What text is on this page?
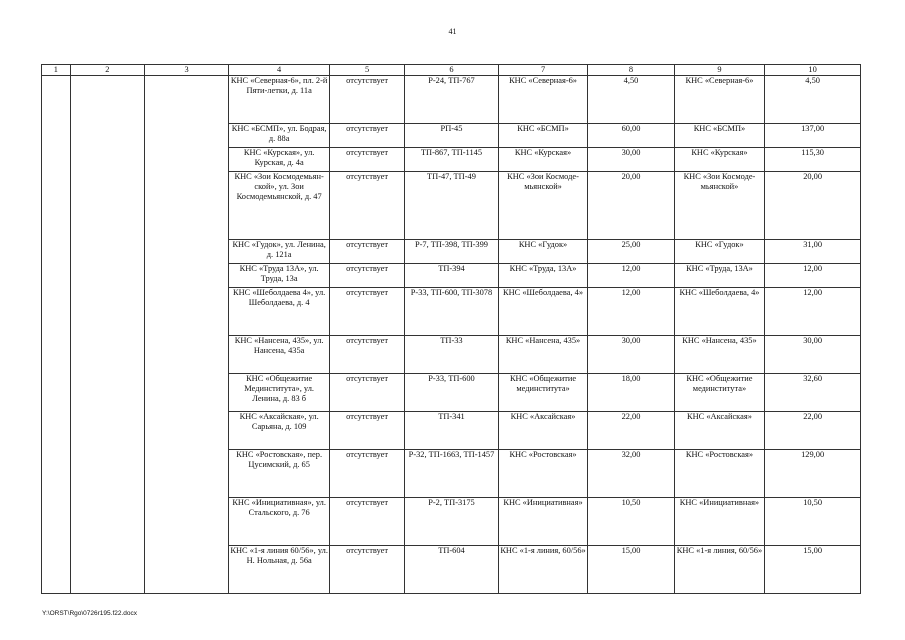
41
1	2	3	4	5	6	7	8	9	10
			КНС «Северная-6», пл. 2-й Пяти-летки, д. 11а	отсутствует	Р-24, ТП-767	КНС «Северная-6»	4,50	КНС «Северная-6»	4,50
			КНС «БСМП», ул. Бодрая, д. 88а	отсутствует	РП-45	КНС «БСМП»	60,00	КНС «БСМП»	137,00
			КНС «Курская», ул. Курская, д. 4а	отсутствует	ТП-867, ТП-1145	КНС «Курская»	30,00	КНС «Курская»	115,30
			КНС «Зои Космодемьян-ской», ул. Зои Космодемьянской, д. 47	отсутствует	ТП-47, ТП-49	КНС «Зои Космоде-мьянской»	20,00	КНС «Зои Космоде-мьянской»	20,00
			КНС «Гудок», ул. Ленина, д. 121а	отсутствует	Р-7, ТП-398, ТП-399	КНС «Гудок»	25,00	КНС «Гудок»	31,00
			КНС «Труда 13А», ул. Труда, 13а	отсутствует	ТП-394	КНС «Труда, 13А»	12,00	КНС «Труда, 13А»	12,00
			КНС «Шеболдаева 4», ул. Шеболдаева, д. 4	отсутствует	Р-33, ТП-600, ТП-3078	КНС «Шеболдаева, 4»	12,00	КНС «Шеболдаева, 4»	12,00
			КНС «Нансена, 435», ул. Нансена, 435а	отсутствует	ТП-33	КНС «Нансена, 435»	30,00	КНС «Нансена, 435»	30,00
			КНС «Общежитие Мединститута», ул. Ленина, д. 83 б	отсутствует	Р-33, ТП-600	КНС «Общежитие мединститута»	18,00	КНС «Общежитие мединститута»	32,60
			КНС «Аксайская», ул. Сарьяна, д. 109	отсутствует	ТП-341	КНС «Аксайская»	22,00	КНС «Аксайская»	22,00
			КНС «Ростовская», пер. Цусимский, д. 65	отсутствует	Р-32, ТП-1663, ТП-1457	КНС «Ростовская»	32,00	КНС «Ростовская»	129,00
			КНС «Инициативная», ул. Стальского, д. 76	отсутствует	Р-2, ТП-3175	КНС «Инициативная»	10,50	КНС «Инициативная»	10,50
			КНС «1-я линия 60/56», ул. Н. Нольная, д. 56а	отсутствует	ТП-604	КНС «1-я линия, 60/56»	15,00	КНС «1-я линия, 60/56»	15,00
Y:\ORST\Rgo\0726r195.f22.docx
